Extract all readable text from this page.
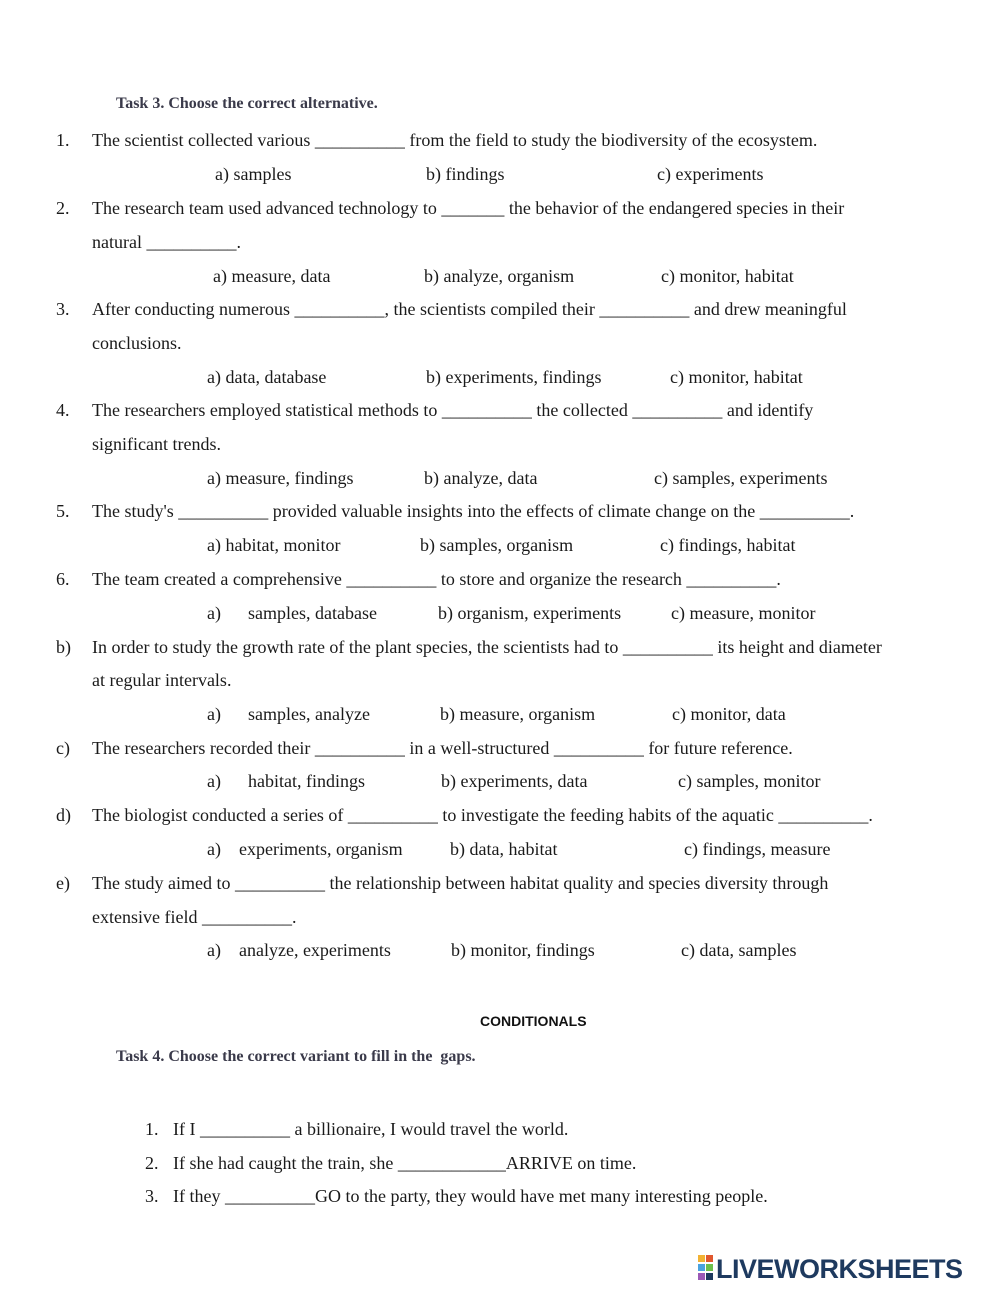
Task 3. Choose the correct alternative.
1. The scientist collected various __________ from the field to study the biodiversity of the ecosystem.
a) samples	b) findings	c) experiments
2. The research team used advanced technology to _______ the behavior of the endangered species in their
natural __________.
a) measure, data	b) analyze, organism	c) monitor, habitat
3. After conducting numerous __________, the scientists compiled their __________ and drew meaningful
conclusions.
a) data, database	b) experiments, findings	c) monitor, habitat
4. The researchers employed statistical methods to __________ the collected __________ and identify
significant trends.
a) measure, findings	b) analyze, data	c) samples, experiments
5. The study's __________ provided valuable insights into the effects of climate change on the __________.
a) habitat, monitor	b) samples, organism	c) findings, habitat
6. The team created a comprehensive __________ to store and organize the research __________.
a)      samples, database	b) organism, experiments	c) measure, monitor
b) In order to study the growth rate of the plant species, the scientists had to __________ its height and diameter
at regular intervals.
a)      samples, analyze	b) measure, organism	c) monitor, data
c) The researchers recorded their __________ in a well-structured __________ for future reference.
a)      habitat, findings	b) experiments, data	c) samples, monitor
d) The biologist conducted a series of __________ to investigate the feeding habits of the aquatic __________.
a)    experiments, organism	b) data, habitat	c) findings, measure
e) The study aimed to __________ the relationship between habitat quality and species diversity through
extensive field __________.
a)    analyze, experiments	b) monitor, findings	c) data, samples
CONDITIONALS
Task 4. Choose the correct variant to fill in the  gaps.
1. If I __________ a billionaire, I would travel the world.
2. If she had caught the train, she ____________ARRIVE on time.
3. If they __________GO to the party, they would have met many interesting people.
LIVEWORKSHEETS
